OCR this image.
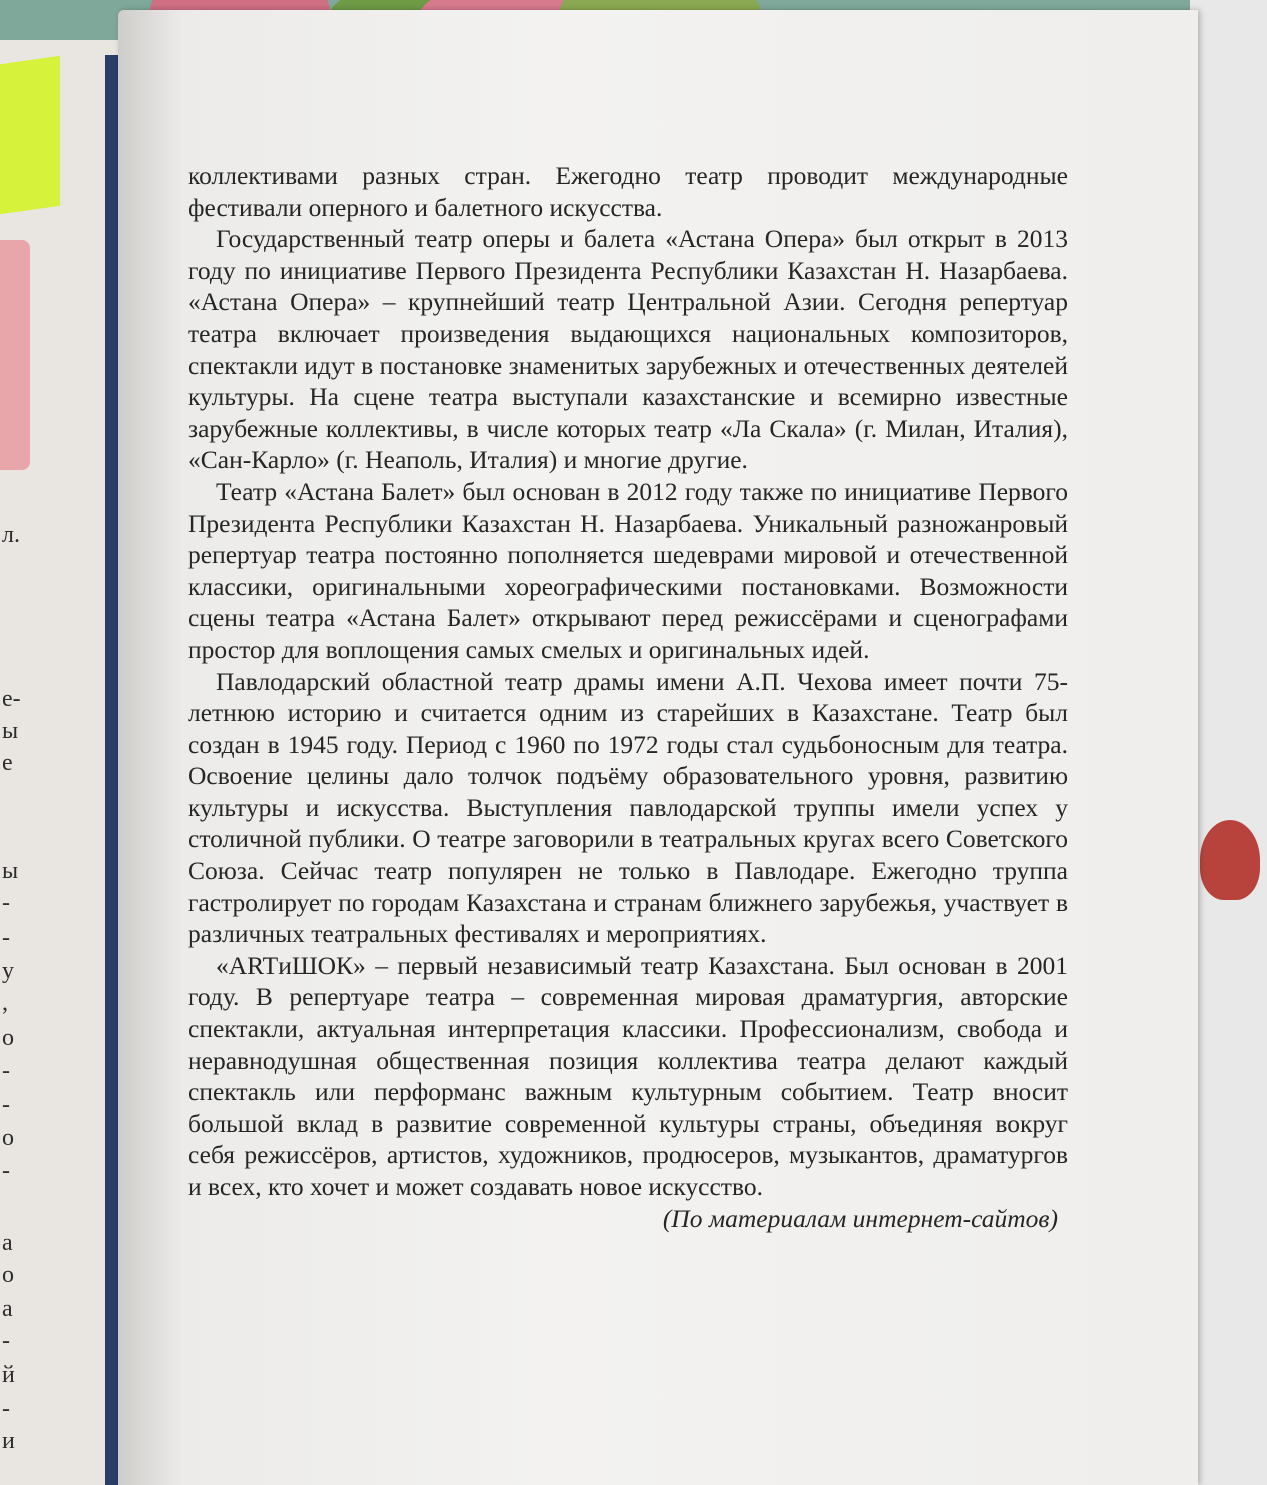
л.
е-
ы
е
ы
-
-
у
,
о
-
-
о
-
а
о
а
-
й
-
и

коллективами разных стран. Ежегодно театр проводит международные фестивали оперного и балетного искусства.

Государственный театр оперы и балета «Астана Опера» был открыт в 2013 году по инициативе Первого Президента Республики Казахстан Н. Назарбаева. «Астана Опера» – крупнейший театр Центральной Азии. Сегодня репертуар театра включает произведения выдающихся национальных композиторов, спектакли идут в постановке знаменитых зарубежных и отечественных деятелей культуры. На сцене театра выступали казахстанские и всемирно известные зарубежные коллективы, в числе которых театр «Ла Скала» (г. Милан, Италия), «Сан-Карло» (г. Неаполь, Италия) и многие другие.

Театр «Астана Балет» был основан в 2012 году также по инициативе Первого Президента Республики Казахстан Н. Назарбаева. Уникальный разножанровый репертуар театра постоянно пополняется шедеврами мировой и отечественной классики, оригинальными хореографическими постановками. Возможности сцены театра «Астана Балет» открывают перед режиссёрами и сценографами простор для воплощения самых смелых и оригинальных идей.

Павлодарский областной театр драмы имени А.П. Чехова имеет почти 75-летнюю историю и считается одним из старейших в Казахстане. Театр был создан в 1945 году. Период с 1960 по 1972 годы стал судьбоносным для театра. Освоение целины дало толчок подъёму образовательного уровня, развитию культуры и искусства. Выступления павлодарской труппы имели успех у столичной публики. О театре заговорили в театральных кругах всего Советского Союза. Сейчас театр популярен не только в Павлодаре. Ежегодно труппа гастролирует по городам Казахстана и странам ближнего зарубежья, участвует в различных театральных фестивалях и мероприятиях.

«ARTиШОК» – первый независимый театр Казахстана. Был основан в 2001 году. В репертуаре театра – современная мировая драматургия, авторские спектакли, актуальная интерпретация классики. Профессионализм, свобода и неравнодушная общественная позиция коллектива театра делают каждый спектакль или перформанс важным культурным событием. Театр вносит большой вклад в развитие современной культуры страны, объединяя вокруг себя режиссёров, артистов, художников, продюсеров, музыкантов, драматургов и всех, кто хочет и может создавать новое искусство.

(По материалам интернет-сайтов)
